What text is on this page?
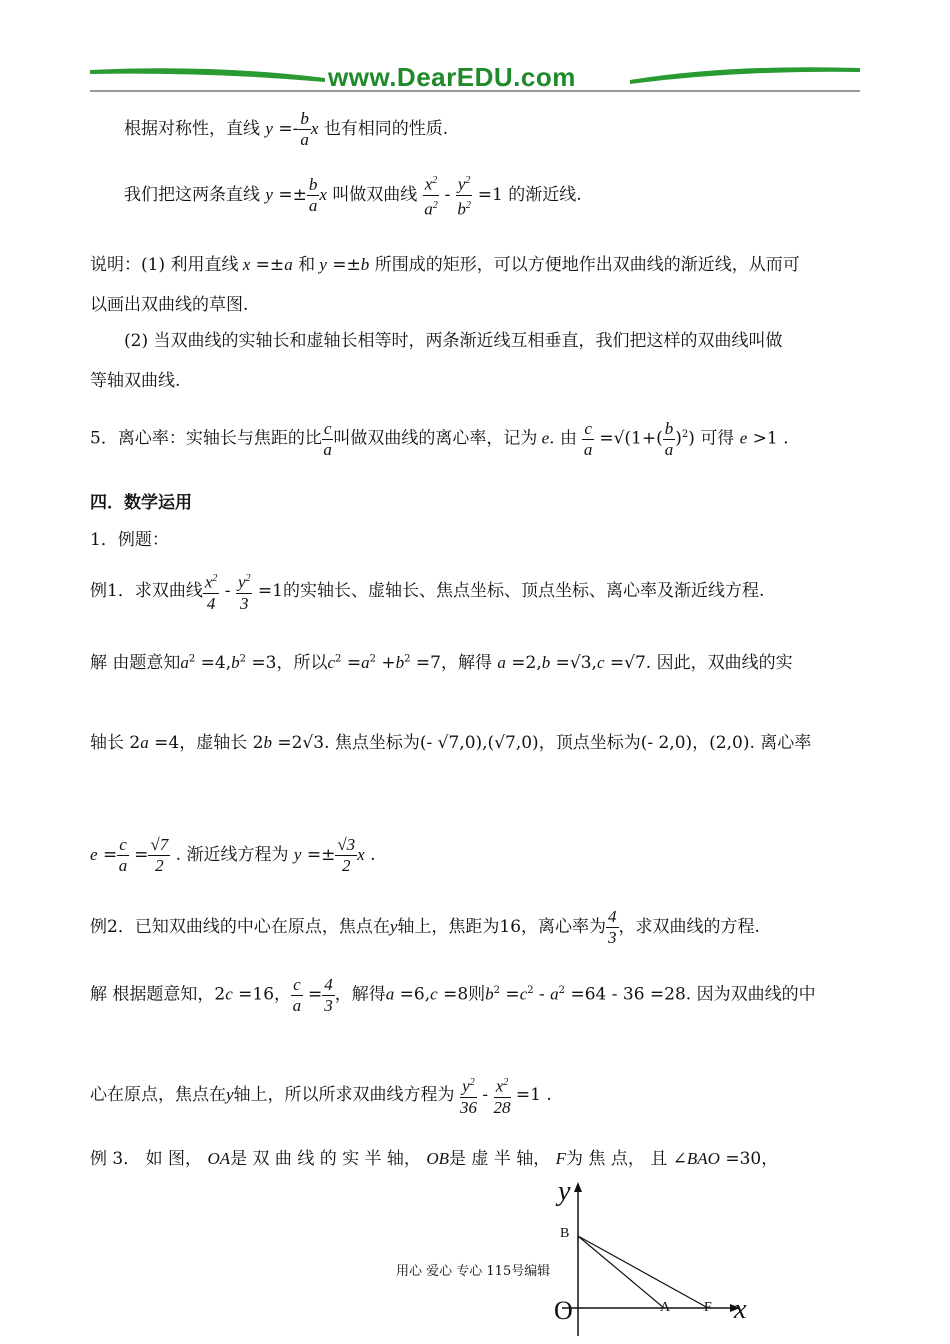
www.DearEDU.com
根据对称性，直线 $y =- \frac{b}{a}$ x 也有相同的性质.
我们把这两条直线 $y =\pm \frac{b}{a}$ x 叫做双曲线 $\frac{x^2}{a^2} - \frac{y^2}{b^2} =1$ 的渐近线.
说明：(1) 利用直线 x =±a 和 y =±b 所围成的矩形，可以方便地作出双曲线的渐近线，从而可
以画出双曲线的草图.
(2) 当双曲线的实轴长和虚轴长相等时，两条渐近线互相垂直，我们把这样的双曲线叫做
等轴双曲线.
5．离心率：实轴长与焦距的比 $\frac{c}{a}$ 叫做双曲线的离心率，记为 e. 由 $\frac{c}{a} =√(1+( \frac{b}{a} )^2)$ 可得 e >1 .
四．数学运用
1．例题：
例1．求双曲线 $\frac{x^2}{4} - \frac{y^2}{3} =1$的实轴长、虚轴长、焦点坐标、顶点坐标、离心率及渐近线方程.
解 由题意知$a^2 =4,b^2 =3$，所以$c^2 =a^2 +b^2 =7$，解得 a =2,b =√3,c =√7. 因此，双曲线的实
轴长 2a =4，虚轴长 2b =2√3. 焦点坐标为(- √7,0),(√7,0)，顶点坐标为(- 2,0)，(2,0). 离心率
$e = \frac{c}{a} = \frac{√7}{2}$ . 渐近线方程为 $y =\pm \frac{√3}{2}$ x .
例2．已知双曲线的中心在原点，焦点在y轴上，焦距为16，离心率为 $\frac{4}{3}$ ，求双曲线的方程.
解 根据题意知，2c =16， $\frac{c}{a} = \frac{4}{3}$ ，解得a =6,c =8则$b^2 =c^2 - a^2 =64 - 36 =28$. 因为双曲线的中
心在原点，焦点在y轴上，所以所求双曲线方程为 $\frac{y^2}{36} - \frac{x^2}{28} =1$ .
例 3． 如 图， OA是 双 曲 线 的 实 半 轴， OB是 虚 半 轴， F为 焦 点， 且 ∠BAO =30，
y
x
O
B
A F
用心 爱心 专心 115号编辑
